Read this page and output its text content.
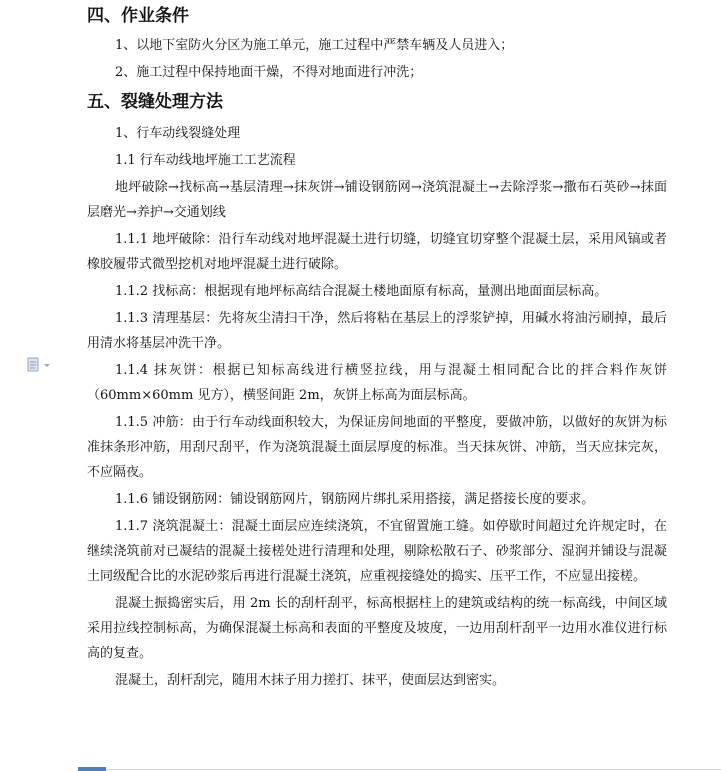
四、作业条件
1、以地下室防火分区为施工单元，施工过程中严禁车辆及人员进入；
2、施工过程中保持地面干燥，不得对地面进行冲洗；
五、裂缝处理方法
1、行车动线裂缝处理
1.1 行车动线地坪施工工艺流程
地坪破除→找标高→基层清理→抹灰饼→铺设钢筋网→浇筑混凝土→去除浮浆→撒布石英砂→抹面层磨光→养护→交通划线
1.1.1 地坪破除：沿行车动线对地坪混凝土进行切缝，切缝宜切穿整个混凝土层，采用风镐或者橡胶履带式微型挖机对地坪混凝土进行破除。
1.1.2 找标高：根据现有地坪标高结合混凝土楼地面原有标高，量测出地面面层标高。
1.1.3 清理基层：先将灰尘清扫干净，然后将粘在基层上的浮浆铲掉，用碱水将油污刷掉，最后用清水将基层冲洗干净。
1.1.4 抹灰饼：根据已知标高线进行横竖拉线，用与混凝土相同配合比的拌合料作灰饼（60mm×60mm 见方），横竖间距 2m，灰饼上标高为面层标高。
1.1.5 冲筋：由于行车动线面积较大，为保证房间地面的平整度，要做冲筋，以做好的灰饼为标准抹条形冲筋，用刮尺刮平，作为浇筑混凝土面层厚度的标准。当天抹灰饼、冲筋，当天应抹完灰，不应隔夜。
1.1.6 铺设钢筋网：铺设钢筋网片，钢筋网片绑扎采用搭接，满足搭接长度的要求。
1.1.7 浇筑混凝土：混凝土面层应连续浇筑，不宜留置施工缝。如停歇时间超过允许规定时，在继续浇筑前对已凝结的混凝土接槎处进行清理和处理，剔除松散石子、砂浆部分、湿润并铺设与混凝土同级配合比的水泥砂浆后再进行混凝土浇筑，应重视接缝处的捣实、压平工作，不应显出接槎。
混凝土振捣密实后，用 2m 长的刮杆刮平，标高根据柱上的建筑或结构的统一标高线，中间区域采用拉线控制标高，为确保混凝土标高和表面的平整度及坡度，一边用刮杆刮平一边用水准仪进行标高的复查。
混凝土，刮杆刮完，随用木抹子用力搓打、抹平，使面层达到密实。
